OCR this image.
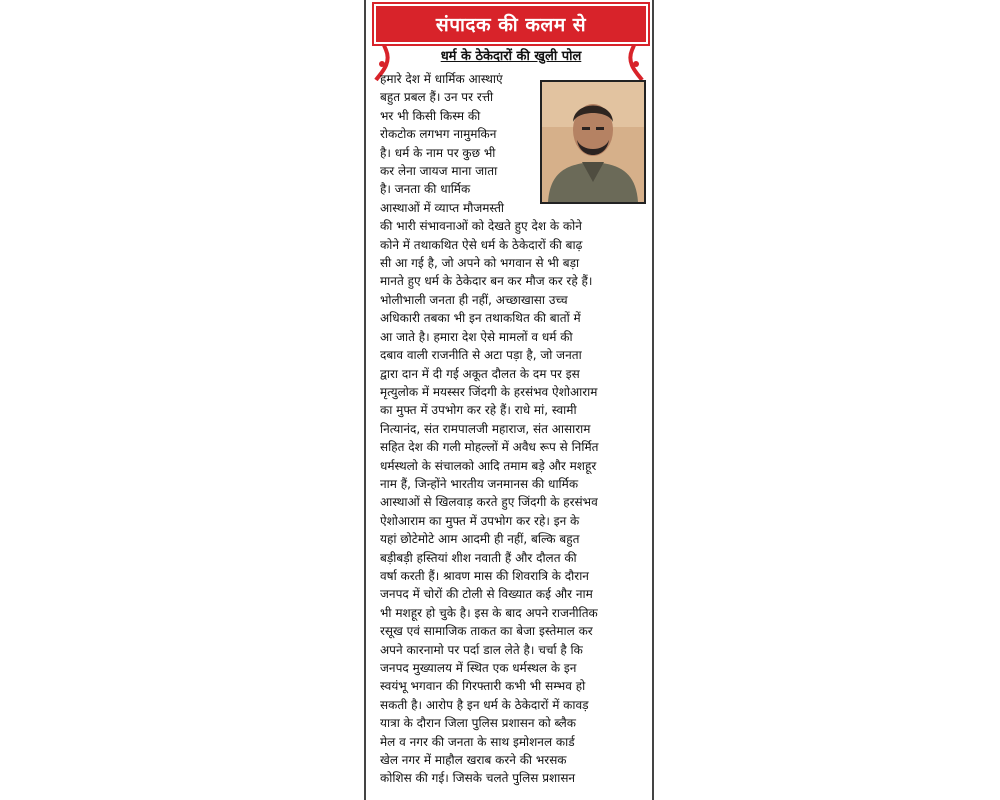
संपादक की कलम से
धर्म के ठेकेदारों की खुली पोल
हमारे देश में धार्मिक आस्थाएं
बहुत प्रबल हैं। उन पर रत्ती
भर भी किसी किस्म की
रोकटोक लगभग नामुमकिन
है। धर्म के नाम पर कुछ भी
कर लेना जायज माना जाता
है। जनता की धार्मिक
आस्थाओं में व्याप्त मौजमस्ती
की भारी संभावनाओं को देखते हुए देश के कोने
कोने में तथाकथित ऐसे धर्म के ठेकेदारों की बाढ़
सी आ गई है, जो अपने को भगवान से भी बड़ा
मानते हुए धर्म के ठेकेदार बन कर मौज कर रहे हैं।
भोलीभाली जनता ही नहीं, अच्छाखासा उच्च
अधिकारी तबका भी इन तथाकथित की बातों में
आ जाते है। हमारा देश ऐसे मामलों व धर्म की
दबाव वाली राजनीति से अटा पड़ा है, जो जनता
द्वारा दान में दी गई अकूत दौलत के दम पर इस
मृत्युलोक में मयस्सर जिंदगी के हरसंभव ऐशोआराम
का मुफ्त में उपभोग कर रहे हैं। राधे मां, स्वामी
नित्यानंद, संत रामपालजी महाराज, संत आसाराम
सहित देश की गली मोहल्लों में अवैध रूप से निर्मित
धर्मस्थलो के संचालको आदि तमाम बड़े और मशहूर
नाम हैं, जिन्होंने भारतीय जनमानस की धार्मिक
आस्थाओं से खिलवाड़ करते हुए जिंदगी के हरसंभव
ऐशोआराम का मुफ्त में उपभोग कर रहे। इन के
यहां छोटेमोटे आम आदमी ही नहीं, बल्कि बहुत
बड़ीबड़ी हस्तियां शीश नवाती हैं और दौलत की
वर्षा करती हैं। श्रावण मास की शिवरात्रि के दौरान
जनपद में चोरों की टोली से विख्यात कई और नाम
भी मशहूर हो चुके है। इस के बाद अपने राजनीतिक
रसूख एवं सामाजिक ताकत का बेजा इस्तेमाल कर
अपने कारनामो पर पर्दा डाल लेते है। चर्चा है कि
जनपद मुख्यालय में स्थित एक धर्मस्थल के इन
स्वयंभू भगवान की गिरफ्तारी कभी भी सम्भव हो
सकती है। आरोप है इन धर्म के ठेकेदारों में कावड़
यात्रा के दौरान जिला पुलिस प्रशासन को ब्लैक
मेल व नगर की जनता के साथ इमोशनल कार्ड
खेल नगर में माहौल खराब करने की भरसक
कोशिस की गई। जिसके चलते पुलिस प्रशासन
